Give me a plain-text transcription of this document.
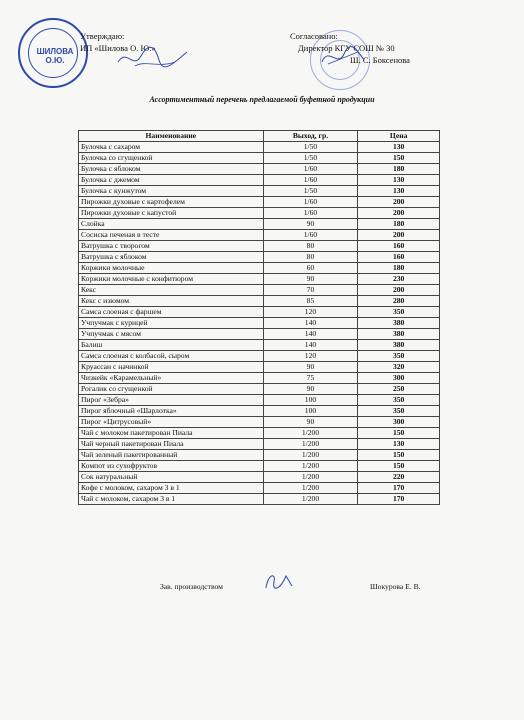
ШИЛОВА О.Ю.
Утверждаю:
ИП «Шилова О. Ю.»
Согласовано:
Директор КГУ СОШ № 30
Ш. С. Боксенова
Ассортиментный перечень предлагаемой буфетной продукции
Наименование	Выход, гр.	Цена
Булочка с сахаром	1/50	130
Булочка со сгущенкой	1/50	150
Булочка с яблоком	1/60	180
Булочка с джемом	1/60	130
Булочка с кунжутом	1/50	130
Пирожки духовые с картофелем	1/60	200
Пирожки духовые с капустой	1/60	200
Слойка	90	180
Сосиска печеная в тесте	1/60	200
Ватрушка с творогом	80	160
Ватрушка с яблоком	80	160
Коржики молочные	60	180
Коржики молочные с конфитюром	90	230
Кекс	70	200
Кекс с изюмом	85	280
Самса слоеная с фаршем	120	350
Учпучмак с курицей	140	380
Учпучмак с мясом	140	380
Балиш	140	380
Самса слоеная с колбасой, сыром	120	350
Круассан с начинкой	90	320
Чизкейк «Карамельный»	75	300
Рогалик со сгущенкой	90	250
Пирог «Зебра»	100	350
Пирог яблочный «Шарлотка»	100	350
Пирог «Цитрусовый»	90	300
Чай с молоком пакетирован Пиала	1/200	150
Чай черный пакетирован Пиала	1/200	130
Чай зеленый пакетированный	1/200	150
Компот из сухофруктов	1/200	150
Сок натуральный	1/200	220
Кофе с молоком, сахаром 3 в 1	1/200	170
Чай с молоком, сахаром 3 в 1	1/200	170
Зав. производством	Шокурова Е. В.
